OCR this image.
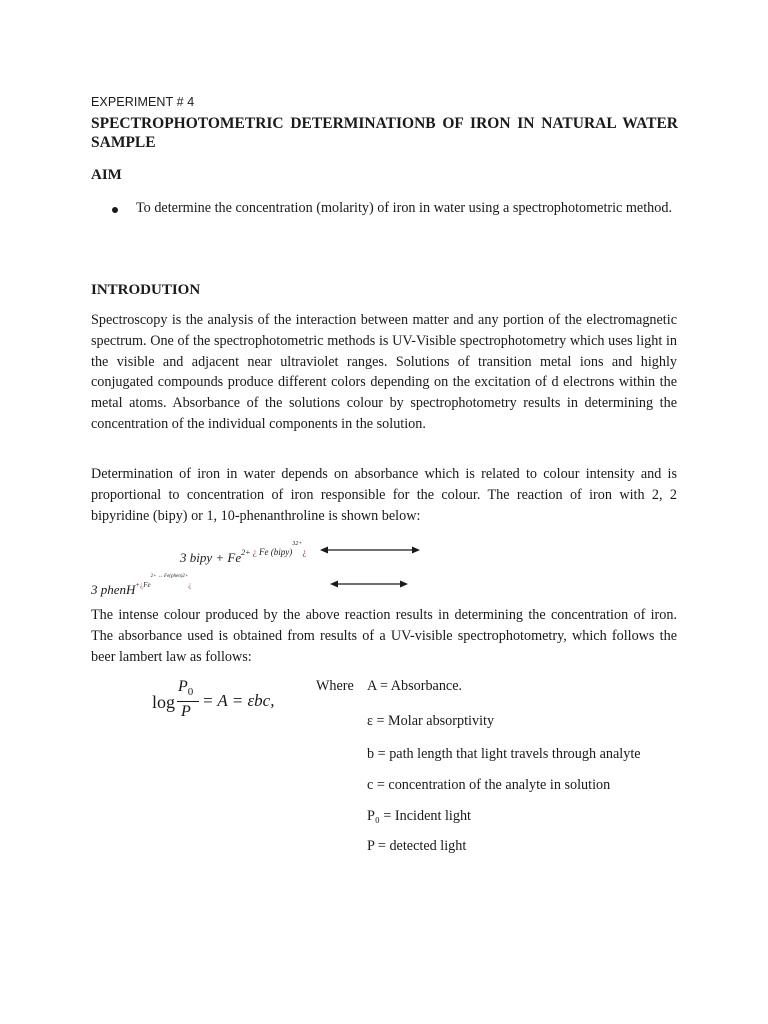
EXPERIMENT # 4
SPECTROPHOTOMETRIC DETERMINATIONB OF IRON IN NATURAL WATER
SAMPLE
AIM
To determine the concentration (molarity) of iron in water using a spectrophotometric method.
INTRODUTION
Spectroscopy is the analysis of the interaction between matter and any portion of the electromagnetic spectrum. One of the spectrophotometric methods is UV-Visible spectrophotometry which uses light in the visible and adjacent near ultraviolet ranges. Solutions of transition metal ions and highly conjugated compounds produce different colors depending on the excitation of d electrons within the metal atoms. Absorbance of the solutions colour by spectrophotometry results in determining the concentration of the individual components in the solution.
Determination of iron in water depends on absorbance which is related to colour intensity and is proportional to concentration of iron responsible for the colour. The reaction of iron with 2, 2 bipyridine (bipy) or 1, 10-phenanthroline is shown below:
3 bipy + $Fe^{2+}$ $^{¿ Fe (bipy)^{32+}¿}$
3 phenH$^{+¿Fe^{2+ \leftrightarrow Fe(phen)2+}¿}$
The intense colour produced by the above reaction results in determining the concentration of iron. The absorbance used is obtained from results of a UV-visible spectrophotometry, which follows the beer lambert law as follows:
log
$P_0$
P
= A = εbc,
Where A = Absorbance.
ε = Molar absorptivity
b = path length that light travels through analyte
c = concentration of the analyte in solution
P₀ = Incident light
P = detected light
